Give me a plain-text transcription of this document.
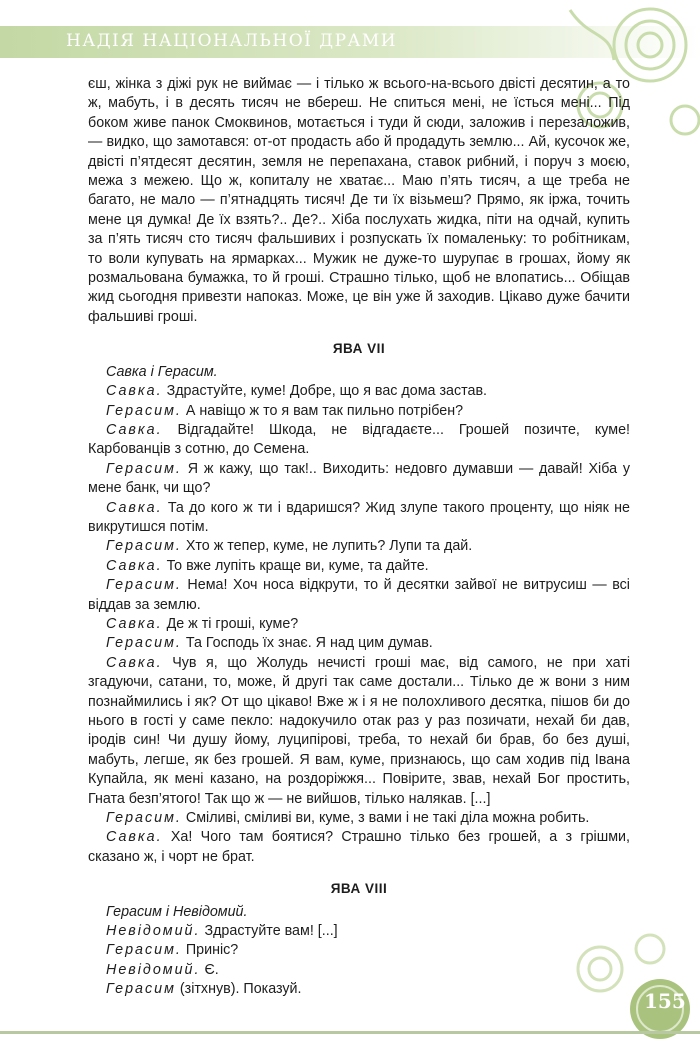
НАДІЯ НАЦІОНАЛЬНОЇ ДРАМИ
155

єш, жінка з діжі рук не виймає — і тілько ж всього-на-всього двісті десятин, а то ж, мабуть, і в десять тисяч не вбереш. Не спиться мені, не їсться мені... Під боком живе панок Смоквинов, мотається і туди й сюди, заложив і перезаложив, — видко, що замотався: от-от продасть або й продадуть землю... Ай, кусочок же, двісті п’ятдесят десятин, земля не перепахана, ставок рибний, і поруч з моєю, межа з межею. Що ж, копиталу не хватає... Маю п’ять тисяч, а ще треба не багато, не мало — п’ятнадцять тисяч! Де ти їх візьмеш? Прямо, як іржа, точить мене ця думка! Де їх взять?.. Де?.. Хіба послухать жидка, піти на одчай, купить за п’ять тисяч сто тисяч фальшивих і розпускать їх помаленьку: то робітникам, то воли купувать на ярмарках... Мужик не дуже-то шурупає в грошах, йому як розмальована бумажка, то й гроші. Страшно тілько, щоб не влопатись... Обіщав жид сьогодня привезти напоказ. Може, це він уже й заходив. Цікаво дуже бачити фальшиві гроші.

ЯВА VII

Савка і Герасим.

Савка. Здрастуйте, куме! Добре, що я вас дома застав.

Герасим. А навіщо ж то я вам так пильно потрібен?

Савка. Відгадайте! Шкода, не відгадаєте... Грошей позичте, куме! Карбованців з сотню, до Семена.

Герасим. Я ж кажу, що так!.. Виходить: недовго думавши — давай! Хіба у мене банк, чи що?

Савка. Та до кого ж ти і вдаришся? Жид злупе такого проценту, що ніяк не викрутишся потім.

Герасим. Хто ж тепер, куме, не лупить? Лупи та дай.

Савка. То вже лупіть краще ви, куме, та дайте.

Герасим. Нема! Хоч носа відкрути, то й десятки зайвої не витрусиш — всі віддав за землю.

Савка. Де ж ті гроші, куме?

Герасим. Та Господь їх знає. Я над цим думав.

Савка. Чув я, що Жолудь нечисті гроші має, від самого, не при хаті згадуючи, сатани, то, може, й другі так саме достали... Тілько де ж вони з ним познаймились і як? От що цікаво! Вже ж і я не полохливого десятка, пішов би до нього в гості у саме пекло: надокучило отак раз у раз позичати, нехай би дав, іродів син! Чи душу йому, луципірові, треба, то нехай би брав, бо без душі, мабуть, легше, як без грошей. Я вам, куме, признаюсь, що сам ходив під Івана Купайла, як мені казано, на роздоріжжя... Повірите, звав, нехай Бог простить, Гната безп’ятого! Так що ж — не вийшов, тілько налякав. [...]

Герасим. Сміливі, сміливі ви, куме, з вами і не такі діла можна робить.

Савка. Ха! Чого там боятися? Страшно тілько без грошей, а з грішми, сказано ж, і чорт не брат.

ЯВА VIII

Герасим і Невідомий.

Невідомий. Здрастуйте вам! [...]

Герасим. Приніс?

Невідомий. Є.

Герасим (зітхнув). Показуй.
